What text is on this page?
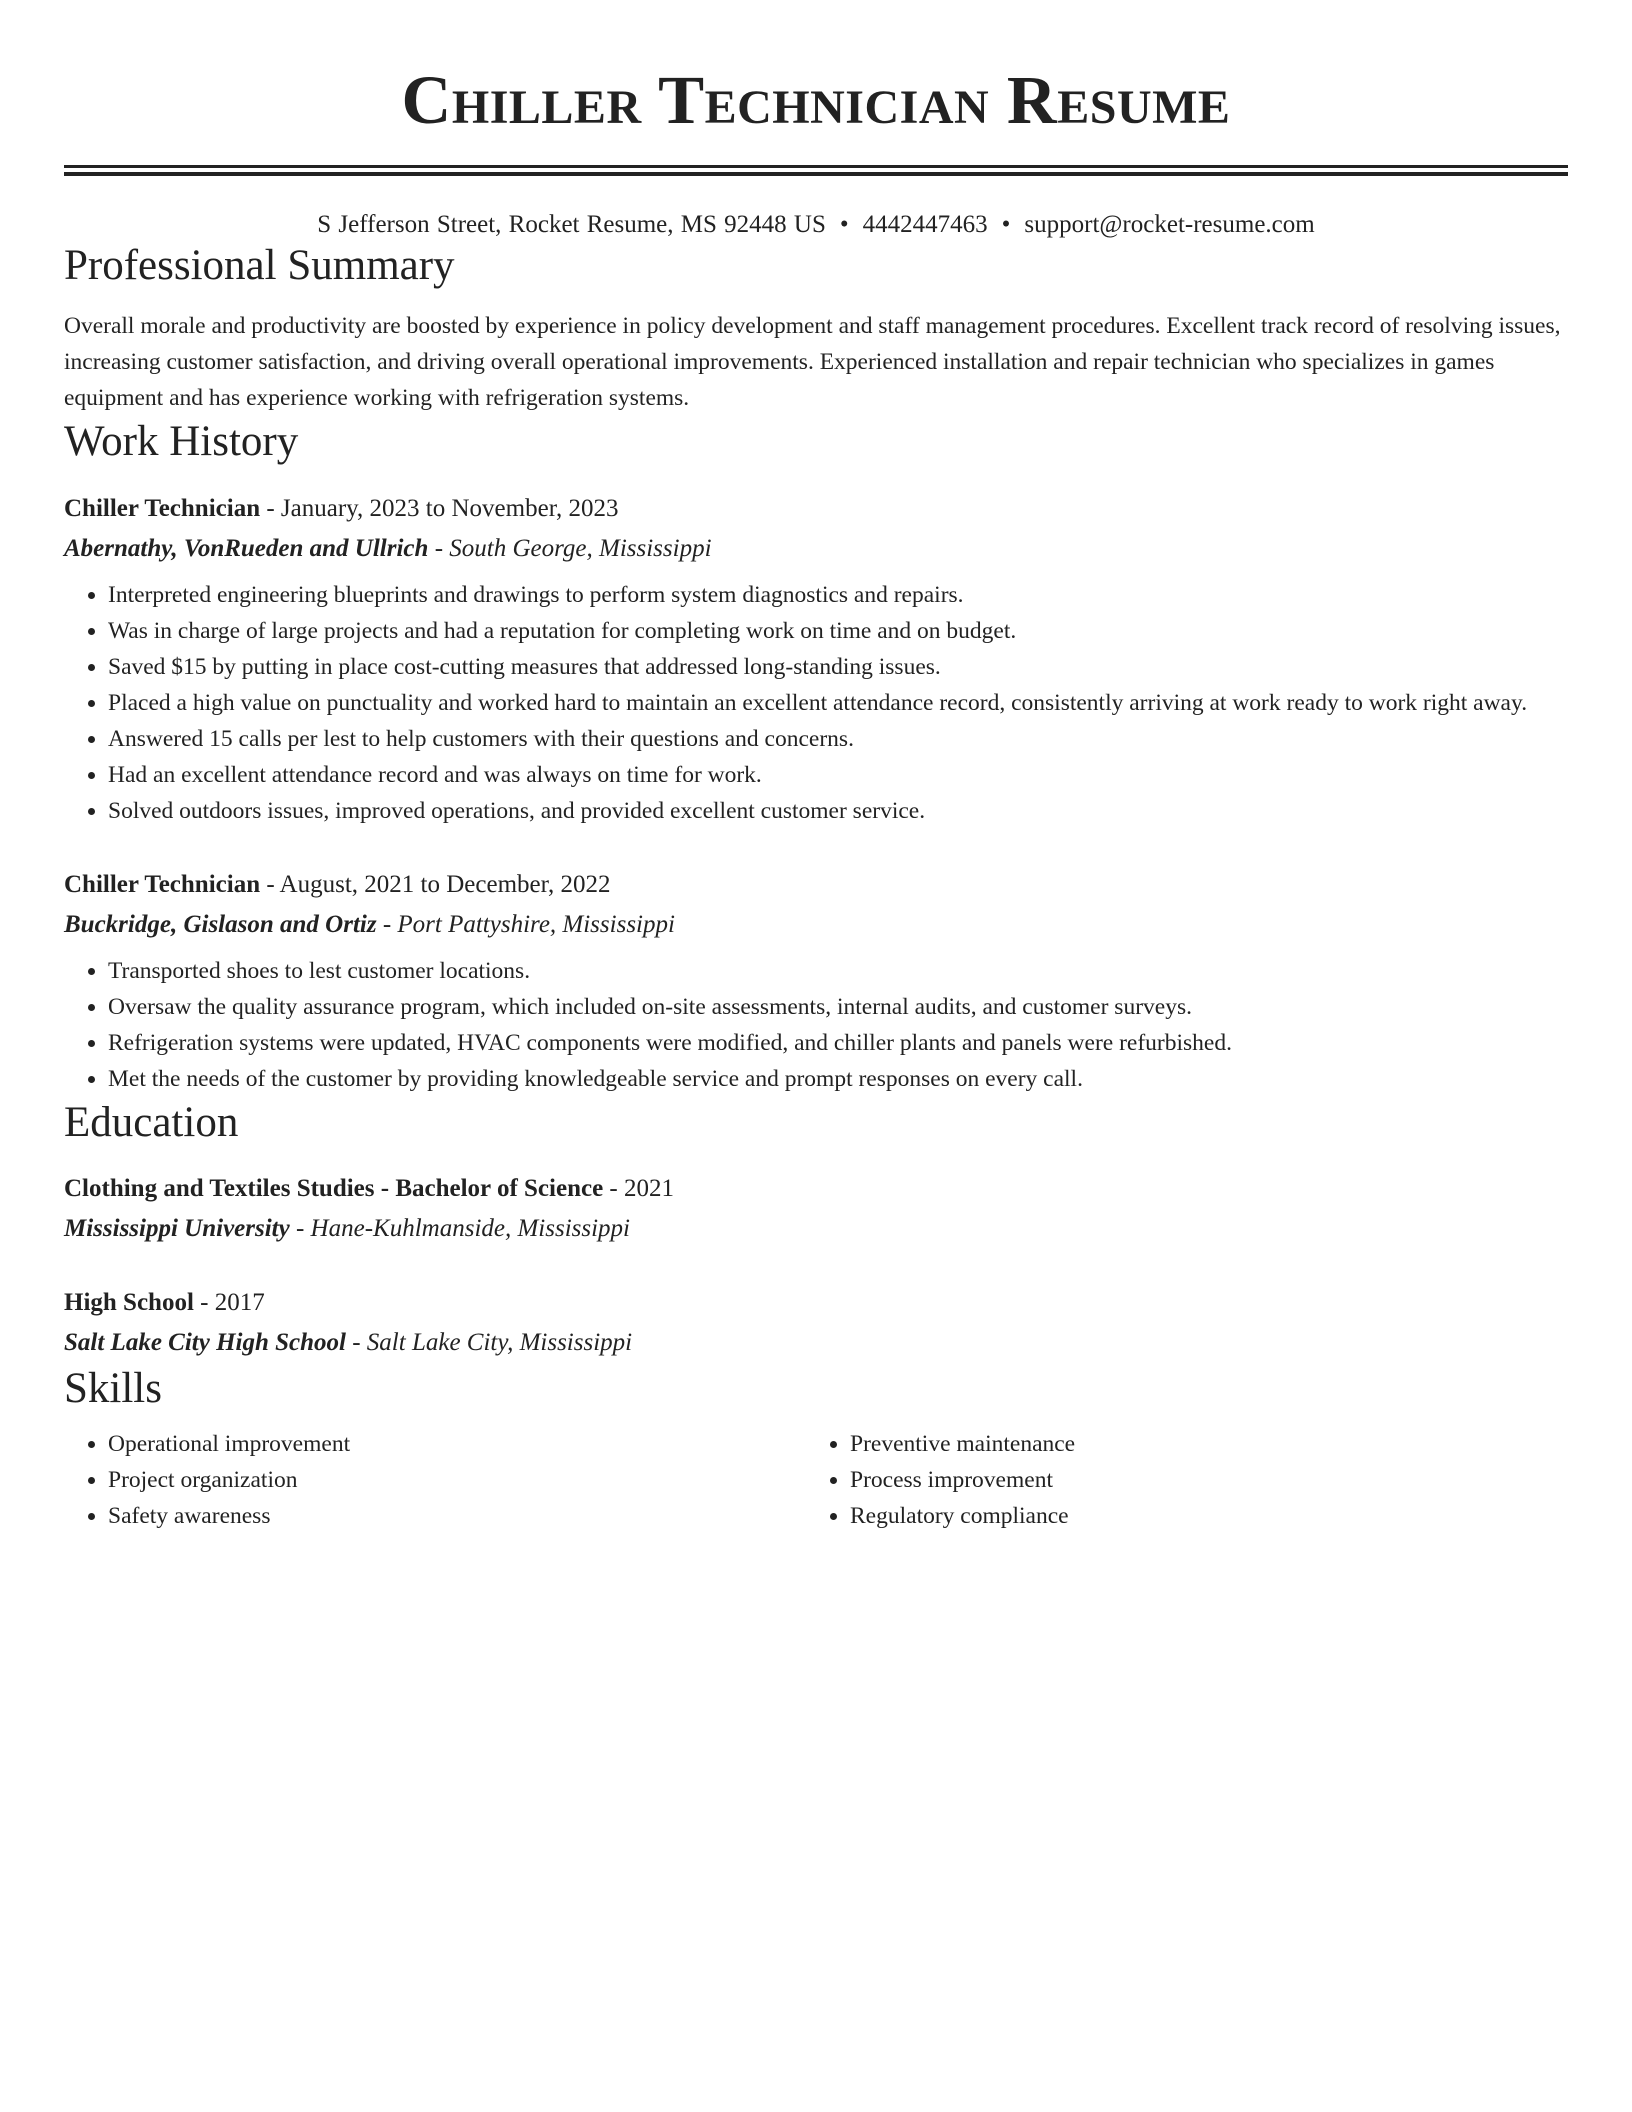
Chiller Technician Resume
S Jefferson Street, Rocket Resume, MS 92448 US • 4442447463 • support@rocket-resume.com
Professional Summary

Overall morale and productivity are boosted by experience in policy development and staff management procedures. Excellent track record of resolving issues, increasing customer satisfaction, and driving overall operational improvements. Experienced installation and repair technician who specializes in games equipment and has experience working with refrigeration systems.

Work History
Chiller Technician - January, 2023 to November, 2023
Abernathy, VonRueden and Ullrich - South George, Mississippi
• Interpreted engineering blueprints and drawings to perform system diagnostics and repairs.
• Was in charge of large projects and had a reputation for completing work on time and on budget.
• Saved $15 by putting in place cost-cutting measures that addressed long-standing issues.
• Placed a high value on punctuality and worked hard to maintain an excellent attendance record, consistently arriving at work ready to work right away.
• Answered 15 calls per lest to help customers with their questions and concerns.
• Had an excellent attendance record and was always on time for work.
• Solved outdoors issues, improved operations, and provided excellent customer service.
Chiller Technician - August, 2021 to December, 2022
Buckridge, Gislason and Ortiz - Port Pattyshire, Mississippi
• Transported shoes to lest customer locations.
• Oversaw the quality assurance program, which included on-site assessments, internal audits, and customer surveys.
• Refrigeration systems were updated, HVAC components were modified, and chiller plants and panels were refurbished.
• Met the needs of the customer by providing knowledgeable service and prompt responses on every call.
Education
Clothing and Textiles Studies - Bachelor of Science - 2021
Mississippi University - Hane-Kuhlmanside, Mississippi
High School - 2017
Salt Lake City High School - Salt Lake City, Mississippi
Skills
• Operational improvement
• Project organization
• Safety awareness
• Preventive maintenance
• Process improvement
• Regulatory compliance
